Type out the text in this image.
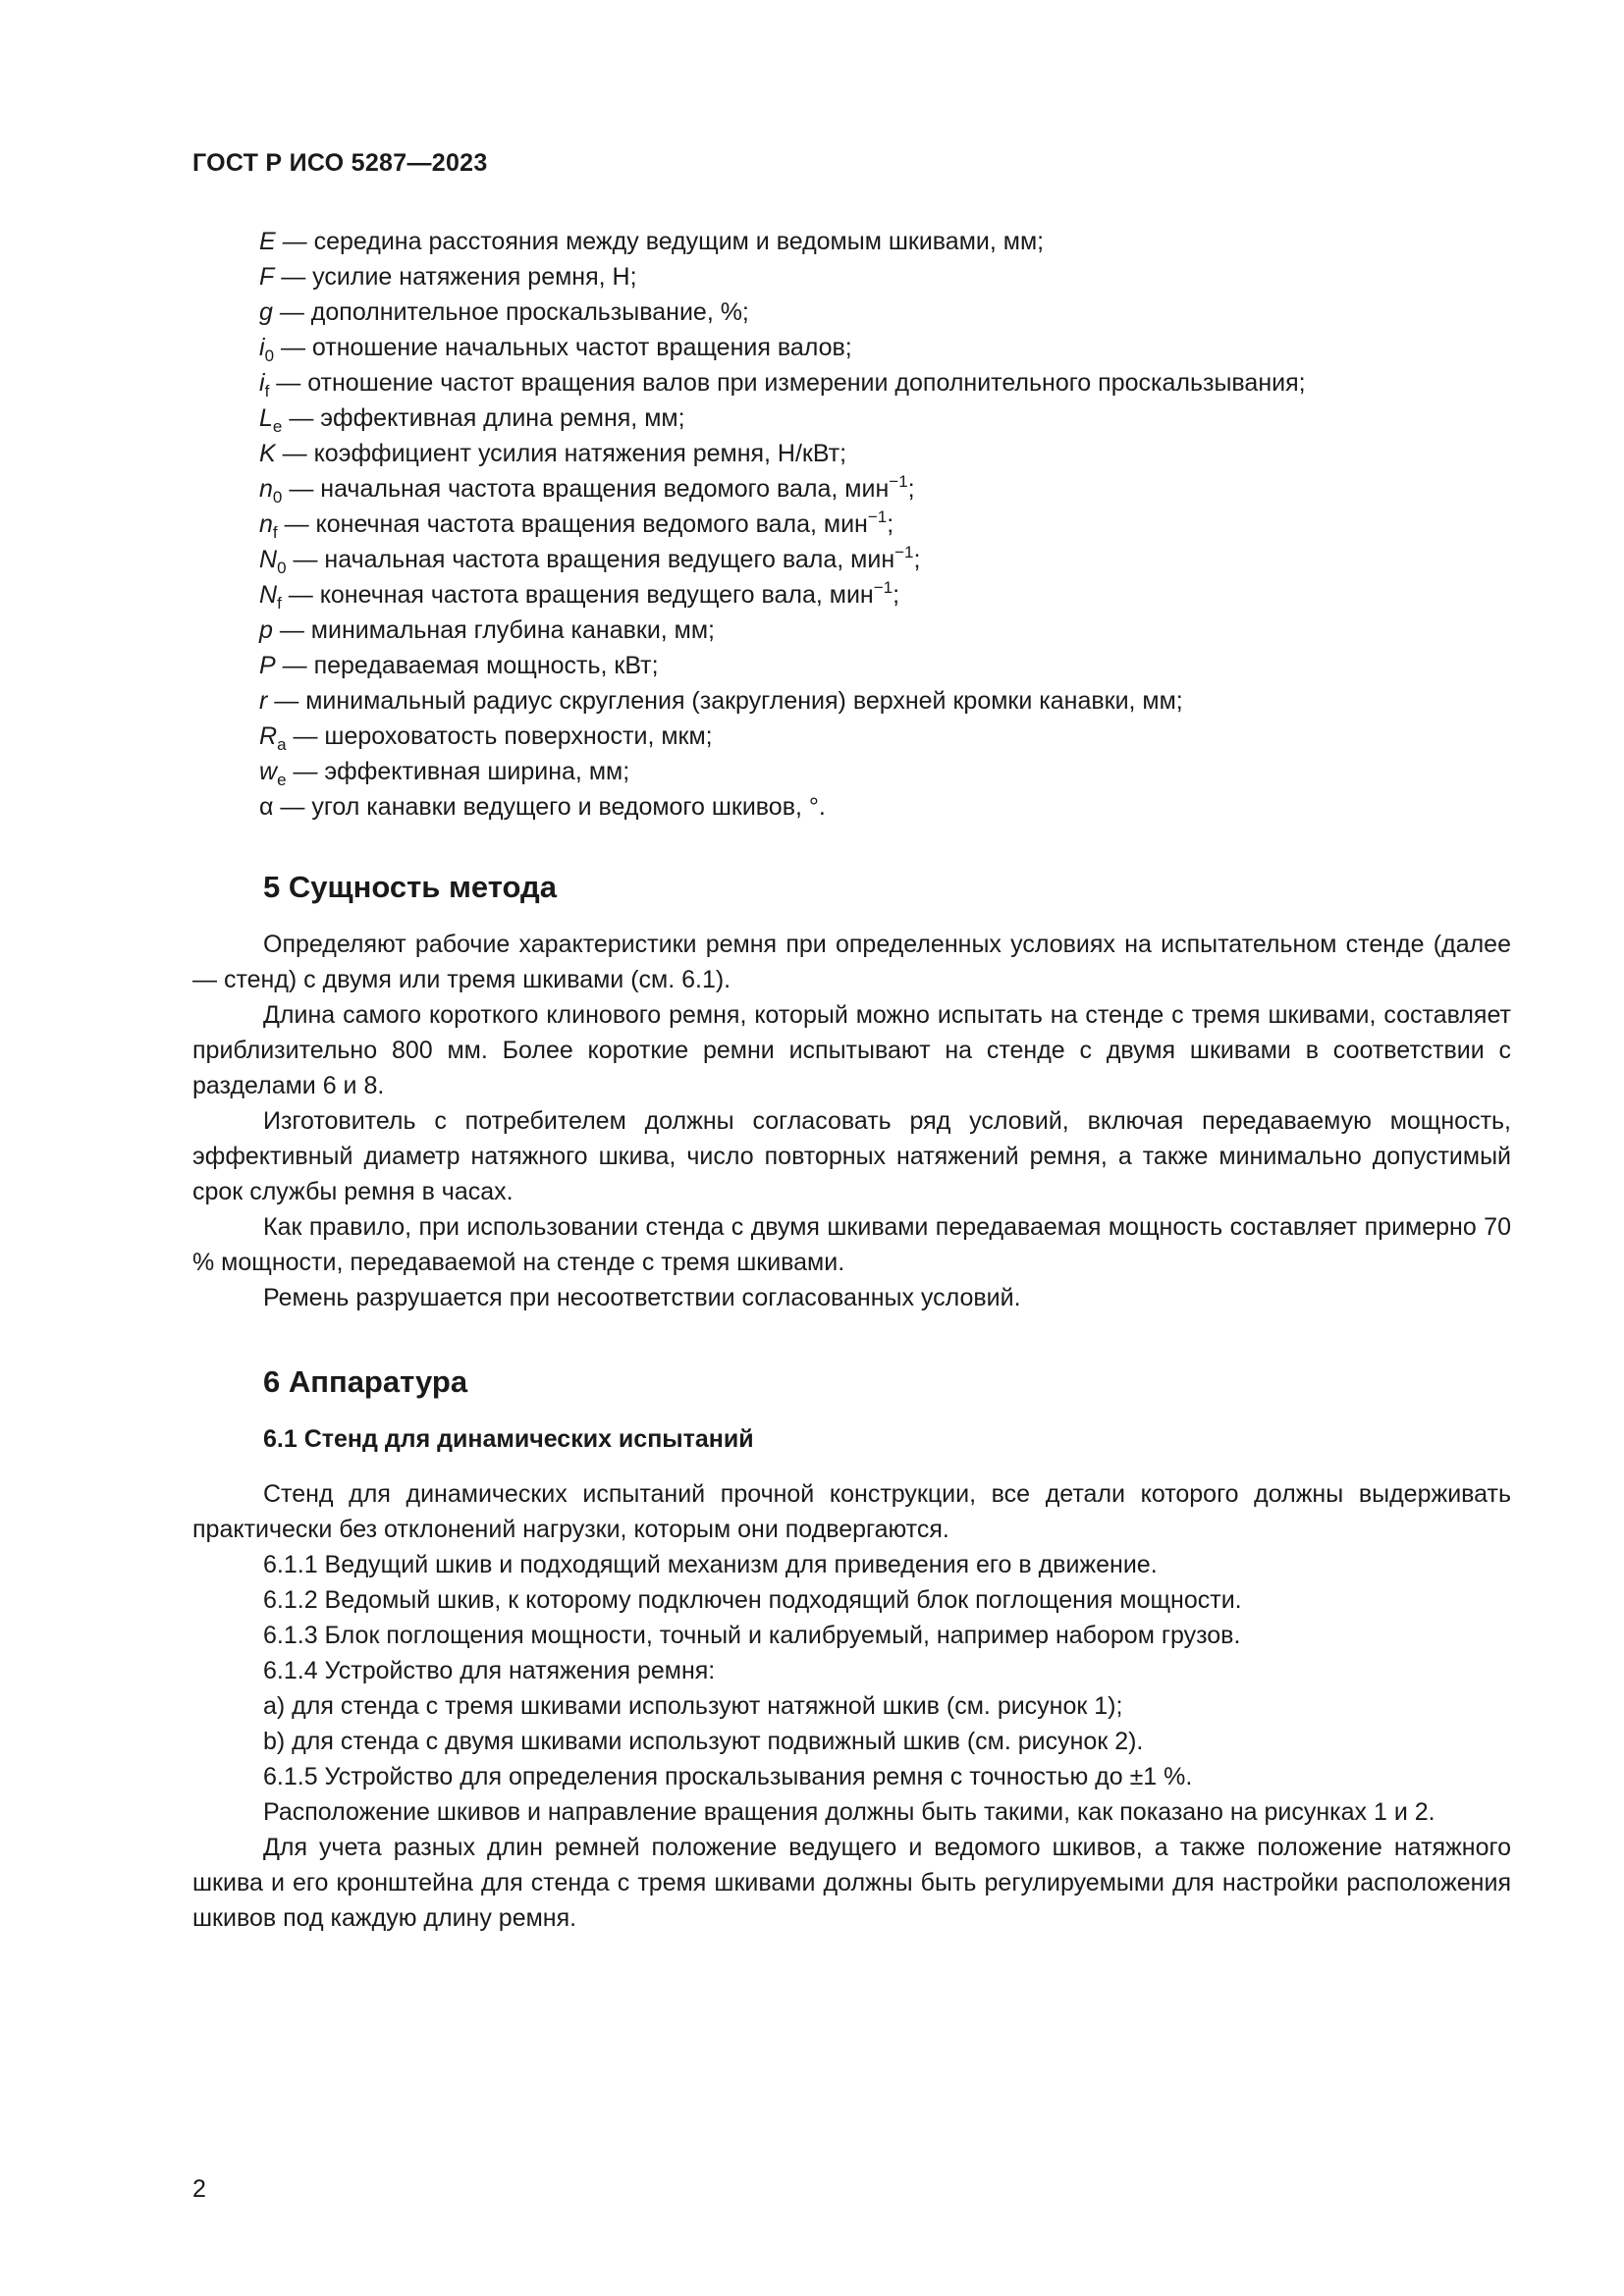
ГОСТ Р ИСО 5287—2023
E — середина расстояния между ведущим и ведомым шкивами, мм;
F — усилие натяжения ремня, Н;
g — дополнительное проскальзывание, %;
$i_0$ — отношение начальных частот вращения валов;
$i_f$ — отношение частот вращения валов при измерении дополнительного проскальзывания;
$L_e$ — эффективная длина ремня, мм;
K — коэффициент усилия натяжения ремня, Н/кВт;
$n_0$ — начальная частота вращения ведомого вала, мин$^{-1}$;
$n_f$ — конечная частота вращения ведомого вала, мин$^{-1}$;
$N_0$ — начальная частота вращения ведущего вала, мин$^{-1}$;
$N_f$ — конечная частота вращения ведущего вала, мин$^{-1}$;
p — минимальная глубина канавки, мм;
P — передаваемая мощность, кВт;
r — минимальный радиус скругления (закругления) верхней кромки канавки, мм;
$R_a$ — шероховатость поверхности, мкм;
$w_e$ — эффективная ширина, мм;
α — угол канавки ведущего и ведомого шкивов, °.
5 Сущность метода
Определяют рабочие характеристики ремня при определенных условиях на испытательном стенде (далее — стенд) с двумя или тремя шкивами (см. 6.1).
Длина самого короткого клинового ремня, который можно испытать на стенде с тремя шкивами, составляет приблизительно 800 мм. Более короткие ремни испытывают на стенде с двумя шкивами в соответствии с разделами 6 и 8.
Изготовитель с потребителем должны согласовать ряд условий, включая передаваемую мощность, эффективный диаметр натяжного шкива, число повторных натяжений ремня, а также минимально допустимый срок службы ремня в часах.
Как правило, при использовании стенда с двумя шкивами передаваемая мощность составляет примерно 70 % мощности, передаваемой на стенде с тремя шкивами.
Ремень разрушается при несоответствии согласованных условий.
6 Аппаратура
6.1 Стенд для динамических испытаний
Стенд для динамических испытаний прочной конструкции, все детали которого должны выдерживать практически без отклонений нагрузки, которым они подвергаются.
6.1.1 Ведущий шкив и подходящий механизм для приведения его в движение.
6.1.2 Ведомый шкив, к которому подключен подходящий блок поглощения мощности.
6.1.3 Блок поглощения мощности, точный и калибруемый, например набором грузов.
6.1.4 Устройство для натяжения ремня:
a) для стенда с тремя шкивами используют натяжной шкив (см. рисунок 1);
b) для стенда с двумя шкивами используют подвижный шкив (см. рисунок 2).
6.1.5 Устройство для определения проскальзывания ремня с точностью до ±1 %.
Расположение шкивов и направление вращения должны быть такими, как показано на рисунках 1 и 2.
Для учета разных длин ремней положение ведущего и ведомого шкивов, а также положение натяжного шкива и его кронштейна для стенда с тремя шкивами должны быть регулируемыми для настройки расположения шкивов под каждую длину ремня.
2
